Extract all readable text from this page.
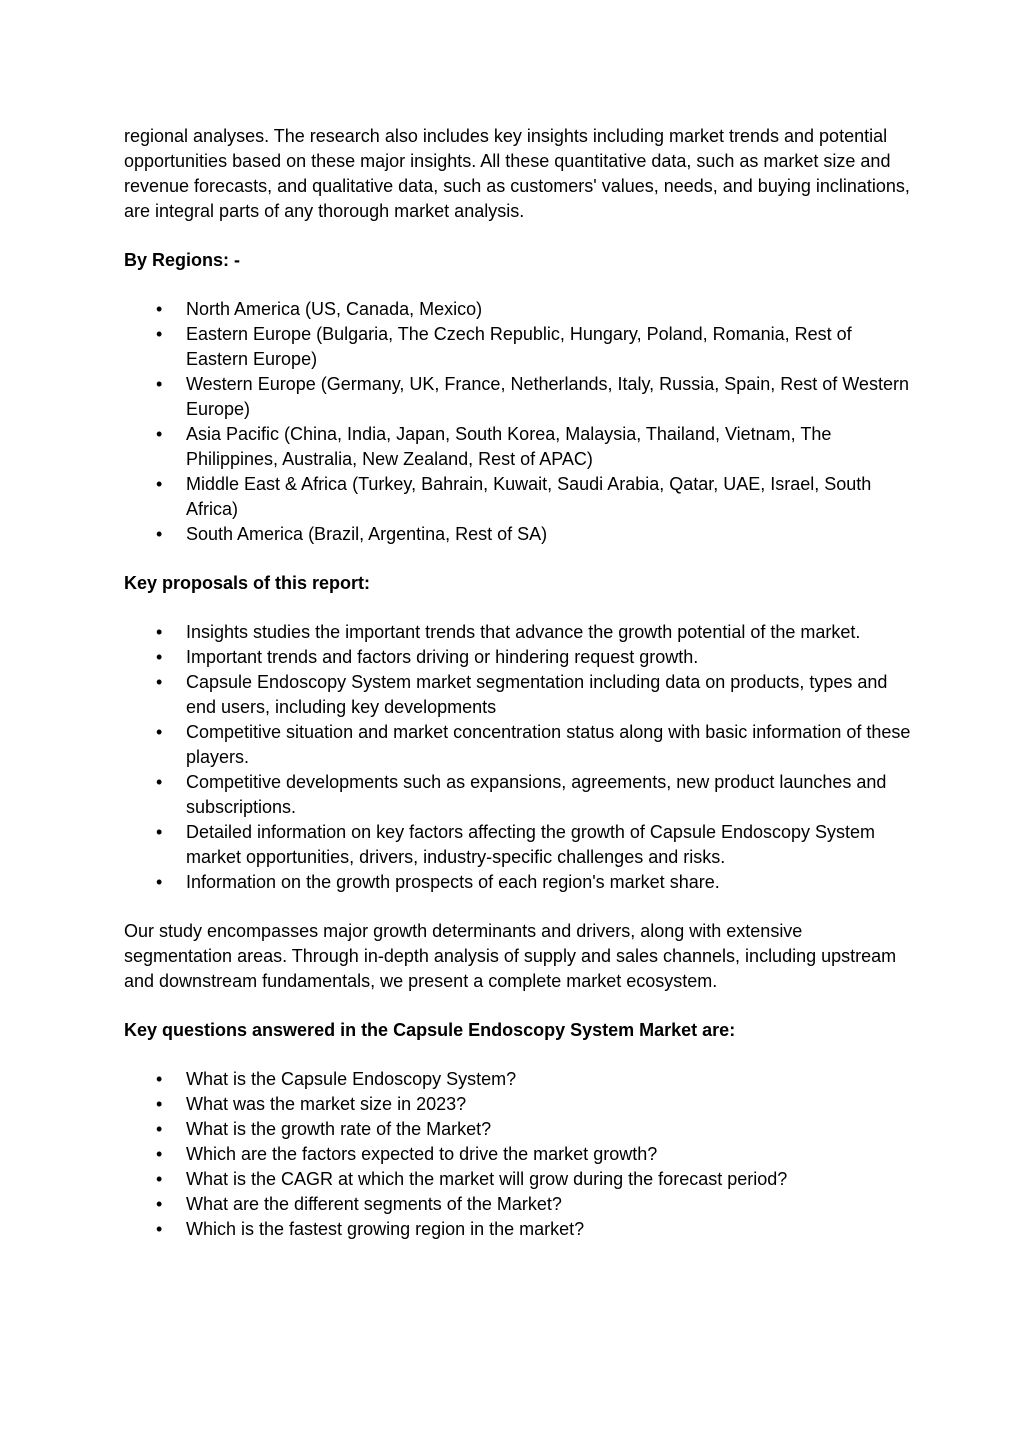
regional analyses. The research also includes key insights including market trends and potential opportunities based on these major insights. All these quantitative data, such as market size and revenue forecasts, and qualitative data, such as customers' values, needs, and buying inclinations, are integral parts of any thorough market analysis.

By Regions: -

• North America (US, Canada, Mexico)
• Eastern Europe (Bulgaria, The Czech Republic, Hungary, Poland, Romania, Rest of Eastern Europe)
• Western Europe (Germany, UK, France, Netherlands, Italy, Russia, Spain, Rest of Western Europe)
• Asia Pacific (China, India, Japan, South Korea, Malaysia, Thailand, Vietnam, The Philippines, Australia, New Zealand, Rest of APAC)
• Middle East & Africa (Turkey, Bahrain, Kuwait, Saudi Arabia, Qatar, UAE, Israel, South Africa)
• South America (Brazil, Argentina, Rest of SA)

Key proposals of this report:

• Insights studies the important trends that advance the growth potential of the market.
• Important trends and factors driving or hindering request growth.
• Capsule Endoscopy System market segmentation including data on products, types and end users, including key developments
• Competitive situation and market concentration status along with basic information of these players.
• Competitive developments such as expansions, agreements, new product launches and subscriptions.
• Detailed information on key factors affecting the growth of Capsule Endoscopy System market opportunities, drivers, industry-specific challenges and risks.
• Information on the growth prospects of each region's market share.

Our study encompasses major growth determinants and drivers, along with extensive segmentation areas. Through in-depth analysis of supply and sales channels, including upstream and downstream fundamentals, we present a complete market ecosystem.

Key questions answered in the Capsule Endoscopy System Market are:

• What is the Capsule Endoscopy System?
• What was the market size in 2023?
• What is the growth rate of the Market?
• Which are the factors expected to drive the market growth?
• What is the CAGR at which the market will grow during the forecast period?
• What are the different segments of the Market?
• Which is the fastest growing region in the market?
